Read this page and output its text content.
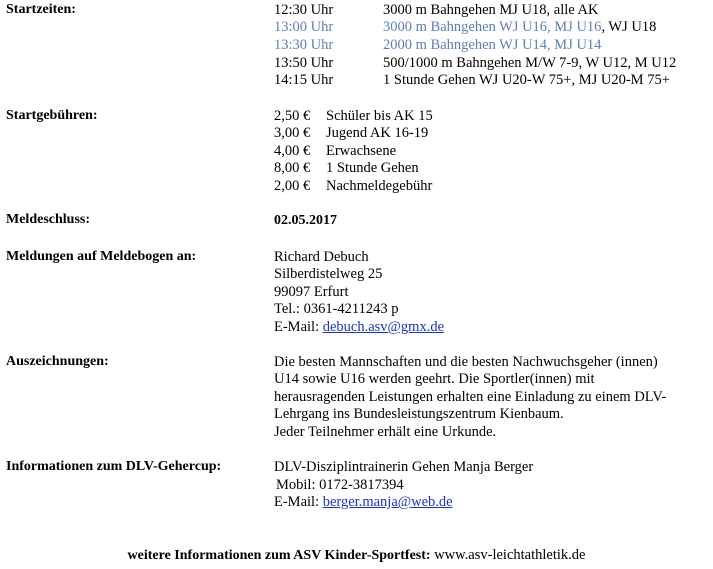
Startzeiten:	12:30 Uhr	3000 m Bahngehen MJ U18, alle AK
13:00 Uhr	3000 m Bahngehen WJ U16, MJ U16, WJ U18
13:30 Uhr	2000 m Bahngehen WJ U14, MJ U14
13:50 Uhr	500/1000 m Bahngehen M/W 7-9, W U12, M U12
14:15 Uhr	1 Stunde Gehen WJ U20-W 75+, MJ U20-M 75+
Startgebühren:	2,50 € Schüler bis AK 15
3,00 € Jugend AK 16-19
4,00 € Erwachsene
8,00 € 1 Stunde Gehen
2,00 € Nachmeldegebühr
Meldeschluss:	02.05.2017
Meldungen auf Meldebogen an:	Richard Debuch
Silberdistelweg 25
99097 Erfurt
Tel.: 0361-4211243 p
E-Mail: debuch.asv@gmx.de
Auszeichnungen:	Die besten Mannschaften und die besten Nachwuchsgeher (innen)
U14 sowie U16 werden geehrt. Die Sportler(innen) mit
herausragenden Leistungen erhalten eine Einladung zu einem DLV-
Lehrgang ins Bundesleistungszentrum Kienbaum.
Jeder Teilnehmer erhält eine Urkunde.
Informationen zum DLV-Gehercup:	DLV-Disziplintrainerin Gehen Manja Berger
Mobil: 0172-3817394
E-Mail: berger.manja@web.de
weitere Informationen zum ASV Kinder-Sportfest: www.asv-leichtathletik.de
